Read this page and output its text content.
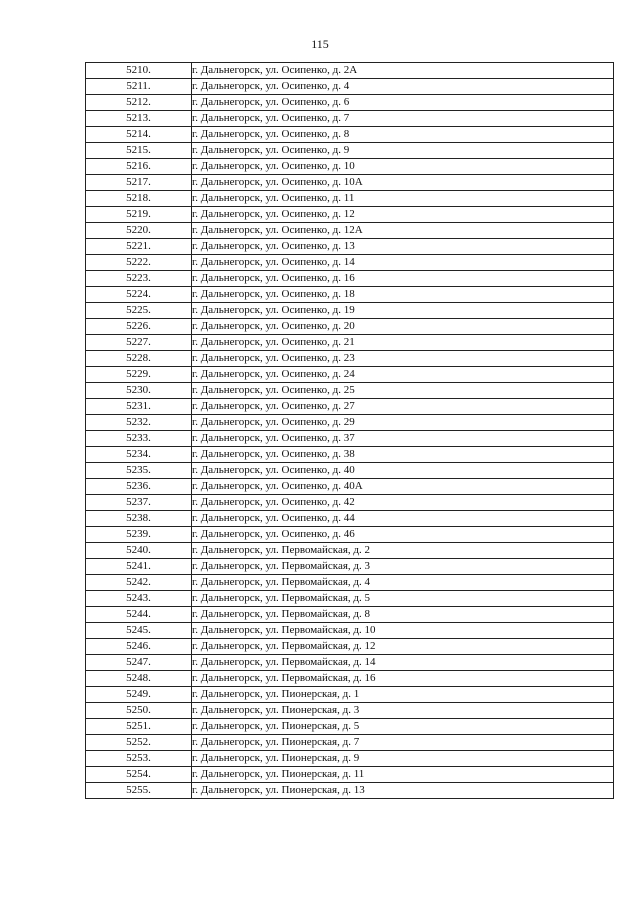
115
5210.	г. Дальнегорск, ул. Осипенко, д. 2А
5211.	г. Дальнегорск, ул. Осипенко, д. 4
5212.	г. Дальнегорск, ул. Осипенко, д. 6
5213.	г. Дальнегорск, ул. Осипенко, д. 7
5214.	г. Дальнегорск, ул. Осипенко, д. 8
5215.	г. Дальнегорск, ул. Осипенко, д. 9
5216.	г. Дальнегорск, ул. Осипенко, д. 10
5217.	г. Дальнегорск, ул. Осипенко, д. 10А
5218.	г. Дальнегорск, ул. Осипенко, д. 11
5219.	г. Дальнегорск, ул. Осипенко, д. 12
5220.	г. Дальнегорск, ул. Осипенко, д. 12А
5221.	г. Дальнегорск, ул. Осипенко, д. 13
5222.	г. Дальнегорск, ул. Осипенко, д. 14
5223.	г. Дальнегорск, ул. Осипенко, д. 16
5224.	г. Дальнегорск, ул. Осипенко, д. 18
5225.	г. Дальнегорск, ул. Осипенко, д. 19
5226.	г. Дальнегорск, ул. Осипенко, д. 20
5227.	г. Дальнегорск, ул. Осипенко, д. 21
5228.	г. Дальнегорск, ул. Осипенко, д. 23
5229.	г. Дальнегорск, ул. Осипенко, д. 24
5230.	г. Дальнегорск, ул. Осипенко, д. 25
5231.	г. Дальнегорск, ул. Осипенко, д. 27
5232.	г. Дальнегорск, ул. Осипенко, д. 29
5233.	г. Дальнегорск, ул. Осипенко, д. 37
5234.	г. Дальнегорск, ул. Осипенко, д. 38
5235.	г. Дальнегорск, ул. Осипенко, д. 40
5236.	г. Дальнегорск, ул. Осипенко, д. 40А
5237.	г. Дальнегорск, ул. Осипенко, д. 42
5238.	г. Дальнегорск, ул. Осипенко, д. 44
5239.	г. Дальнегорск, ул. Осипенко, д. 46
5240.	г. Дальнегорск, ул. Первомайская, д. 2
5241.	г. Дальнегорск, ул. Первомайская, д. 3
5242.	г. Дальнегорск, ул. Первомайская, д. 4
5243.	г. Дальнегорск, ул. Первомайская, д. 5
5244.	г. Дальнегорск, ул. Первомайская, д. 8
5245.	г. Дальнегорск, ул. Первомайская, д. 10
5246.	г. Дальнегорск, ул. Первомайская, д. 12
5247.	г. Дальнегорск, ул. Первомайская, д. 14
5248.	г. Дальнегорск, ул. Первомайская, д. 16
5249.	г. Дальнегорск, ул. Пионерская, д. 1
5250.	г. Дальнегорск, ул. Пионерская, д. 3
5251.	г. Дальнегорск, ул. Пионерская, д. 5
5252.	г. Дальнегорск, ул. Пионерская, д. 7
5253.	г. Дальнегорск, ул. Пионерская, д. 9
5254.	г. Дальнегорск, ул. Пионерская, д. 11
5255.	г. Дальнегорск, ул. Пионерская, д. 13
